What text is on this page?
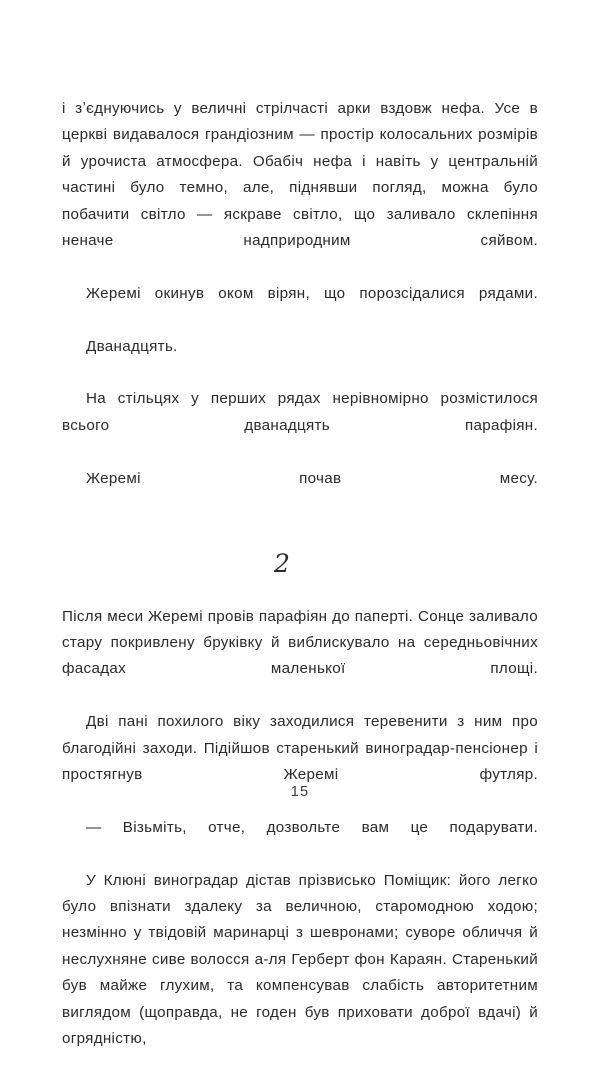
і зʼєднуючись у величні стрілчасті арки вздовж нефа. Усе в церкві видавалося грандіозним — простір колосальних розмірів й урочиста атмосфера. Обабіч нефа і навіть у центральній частині було темно, але, піднявши погляд, можна було побачити світло — яскраве світло, що заливало склепіння неначе надприродним сяйвом.

Жеремі окинув оком вірян, що порозсідалися рядами.

Дванадцять.

На стільцях у перших рядах нерівномірно розмістилося всього дванадцять парафіян.

Жеремі почав месу.

2

Після меси Жеремі провів парафіян до паперті. Сонце заливало стару покривлену бруківку й виблискувало на середньовічних фасадах маленької площі.

Дві пані похилого віку заходилися теревенити з ним про благодійні заходи. Підійшов старенький виноградар-пенсіонер і простягнув Жеремі футляр.

— Візьміть, отче, дозвольте вам це подарувати.

У Клюні виноградар дістав прізвисько Поміщик: його легко було впізнати здалеку за величною, старомодною ходою; незмінно у твідовій маринарці з шевронами; суворе обличчя й неслухняне сиве волосся а-ля Герберт фон Караян. Старенький був майже глухим, та компенсував слабість авторитетним виглядом (щоправда, не годен був приховати доброї вдачі) й огрядністю,

15
